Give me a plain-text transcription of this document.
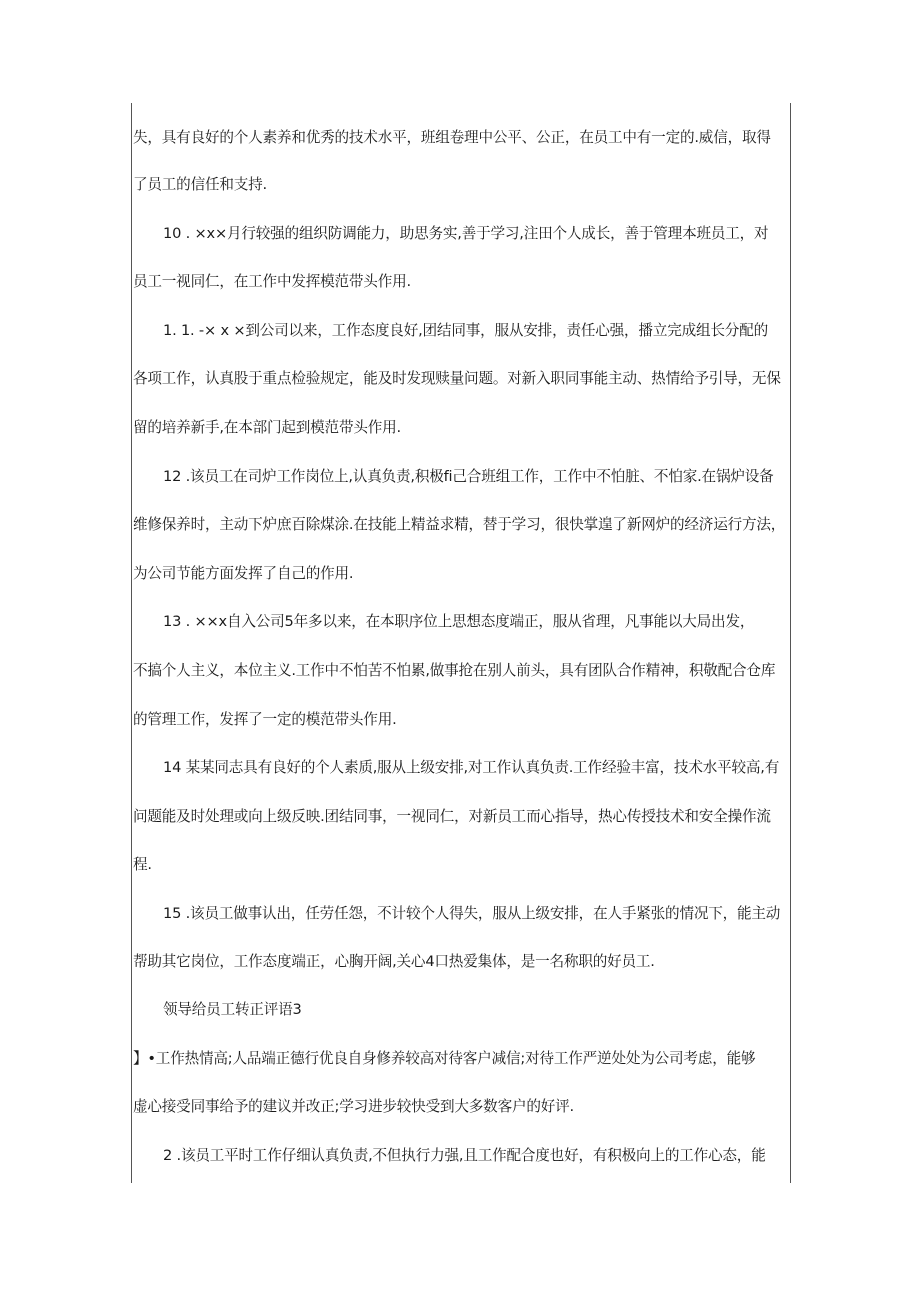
失，具有良好的个人素养和优秀的技术水平，班组卷理中公平、公正，在员工中有一定的.威信，取得
了员工的信任和支持.
10 . ×x×月行较强的组织防调能力，助思务实,善于学习,注田个人成长，善于管理本班员工，对
员工一视同仁，在工作中发挥模范带头作用.
1. 1. -× x ×到公司以来，工作态度良好,团结同事，服从安排，责任心强，播立完成组长分配的
各项工作，认真股于重点检验规定，能及时发现赎量问题。对新入职同事能主动、热情给予引导，无保
留的培养新手,在本部门起到模范带头作用.
12 .该员工在司炉工作岗位上,认真负责,积极fi己合班组工作，工作中不怕脏、不怕家.在锅炉设备
维修保养时，主动下炉庶百除煤涂.在技能上精益求精，替于学习，很快掌遑了新网炉的经济运行方法，
为公司节能方面发挥了自己的作用.
13 . ××x自入公司5年多以来，在本职序位上思想态度端正，服从省理，凡事能以大局出发，
不搞个人主义，本位主义.工作中不怕苦不怕累,做事抢在别人前头，具有团队合作精神，积敬配合仓库
的管理工作，发挥了一定的模范带头作用.
14 某某同志具有良好的个人素质,服从上级安排,对工作认真负责.工作经验丰富，技术水平较高,有
问题能及时处理或向上级反映.团结同事，一视同仁，对新员工而心指导，热心传授技术和安全操作流
程.
15 .该员工做事认出，任劳任怨，不计较个人得失，服从上级安排，在人手紧张的情况下，能主动
帮助其它岗位，工作态度端正，心胸开阔,关心4口热爱集体，是一名称职的好员工.
领导给员工转正评语3
】•工作热情高;人品端正德行优良自身修养较高对待客户减信;对待工作严逆处处为公司考虑，能够
虚心接受同事给予的建议并改正;学习进步较快受到大多数客户的好评.
2 .该员工平时工作仔细认真负责,不但执行力强,且工作配合度也好，有积极向上的工作心态，能
